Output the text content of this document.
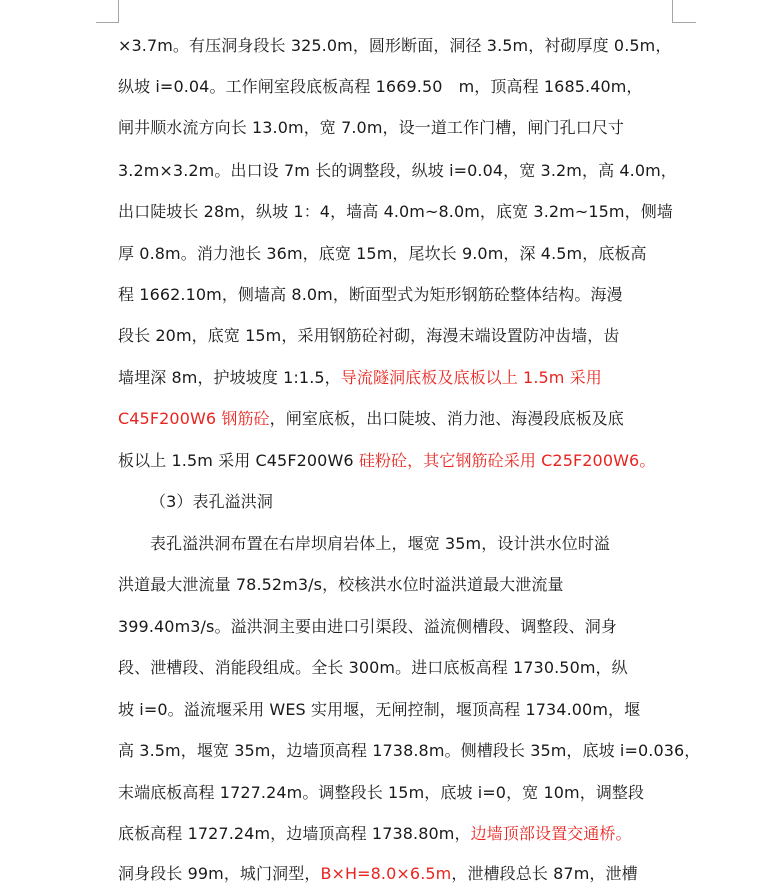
×3.7m。有压洞身段长 325.0m，圆形断面，洞径 3.5m，衬砌厚度 0.5m，
纵坡 i=0.04。工作闸室段底板高程 1669.50　m，顶高程 1685.40m，
闸井顺水流方向长 13.0m，宽 7.0m，设一道工作门槽，闸门孔口尺寸
3.2m×3.2m。出口设 7m 长的调整段，纵坡 i=0.04，宽 3.2m，高 4.0m，
出口陡坡长 28m，纵坡 1：4，墙高 4.0m~8.0m，底宽 3.2m~15m，侧墙
厚 0.8m。消力池长 36m，底宽 15m，尾坎长 9.0m，深 4.5m，底板高
程 1662.10m，侧墙高 8.0m，断面型式为矩形钢筋砼整体结构。海漫
段长 20m，底宽 15m，采用钢筋砼衬砌，海漫末端设置防冲齿墙，齿
墙埋深 8m，护坡坡度 1:1.5，导流隧洞底板及底板以上 1.5m 采用
C45F200W6 钢筋砼，闸室底板，出口陡坡、消力池、海漫段底板及底
板以上 1.5m 采用 C45F200W6 硅粉砼，其它钢筋砼采用 C25F200W6。
（3）表孔溢洪洞
表孔溢洪洞布置在右岸坝肩岩体上，堰宽 35m，设计洪水位时溢
洪道最大泄流量 78.52m3/s，校核洪水位时溢洪道最大泄流量
399.40m3/s。溢洪洞主要由进口引渠段、溢流侧槽段、调整段、洞身
段、泄槽段、消能段组成。全长 300m。进口底板高程 1730.50m，纵
坡 i=0。溢流堰采用 WES 实用堰，无闸控制，堰顶高程 1734.00m，堰
高 3.5m，堰宽 35m，边墙顶高程 1738.8m。侧槽段长 35m，底坡 i=0.036，
末端底板高程 1727.24m。调整段长 15m，底坡 i=0，宽 10m，调整段
底板高程 1727.24m，边墙顶高程 1738.80m，边墙顶部设置交通桥。
洞身段长 99m，城门洞型，B×H=8.0×6.5m，泄槽段总长 87m，泄槽
